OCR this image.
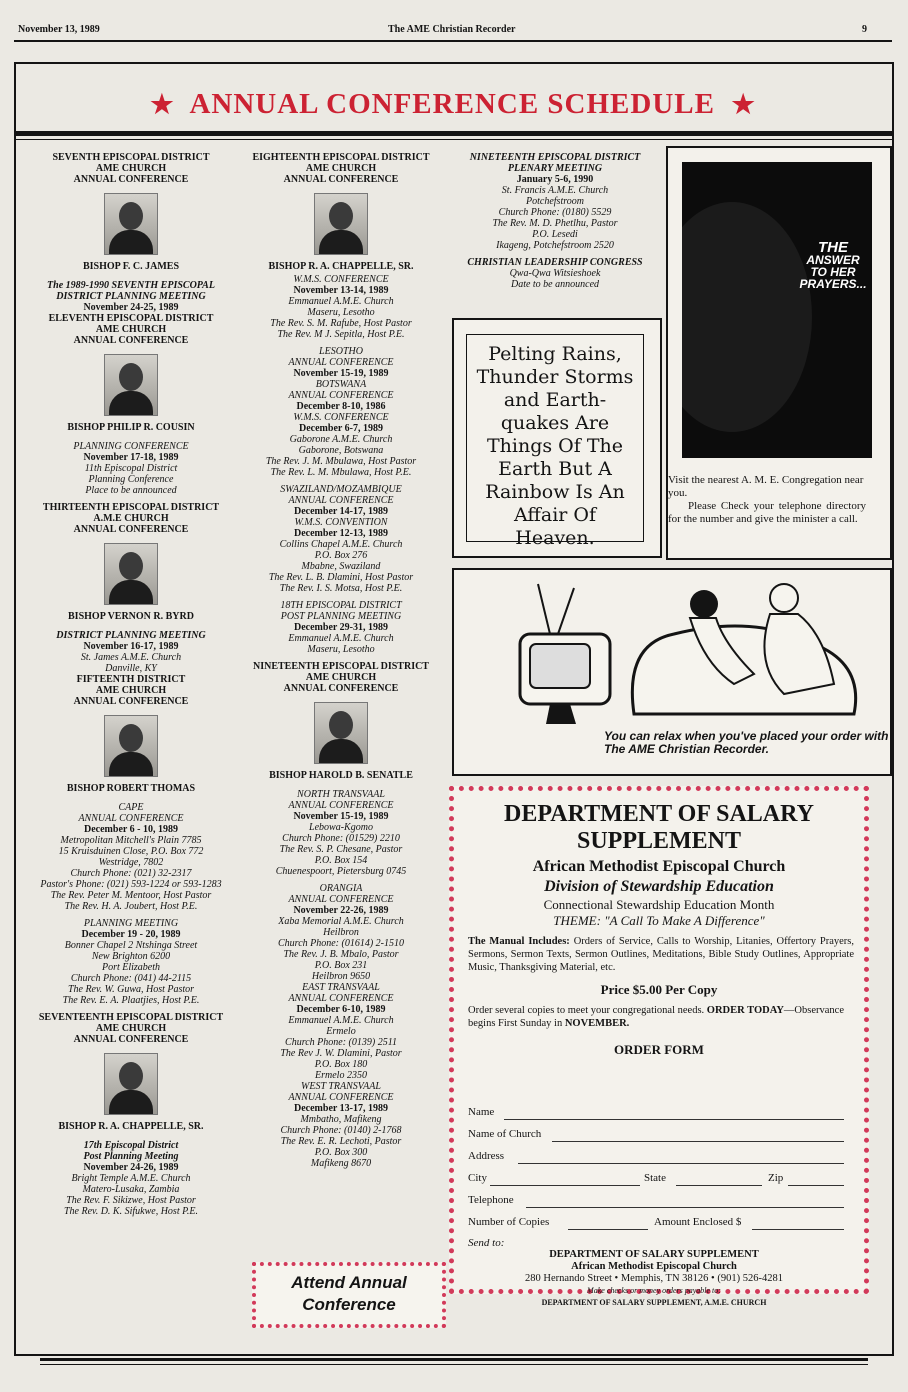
November 13, 1989	The AME Christian Recorder	9
★ ANNUAL CONFERENCE SCHEDULE ★
SEVENTH EPISCOPAL DISTRICT
AME CHURCH
ANNUAL CONFERENCE
BISHOP F. C. JAMES
The 1989-1990 SEVENTH EPISCOPAL
DISTRICT PLANNING MEETING
November 24-25, 1989
ELEVENTH EPISCOPAL DISTRICT
AME CHURCH
ANNUAL CONFERENCE
BISHOP PHILIP R. COUSIN
PLANNING CONFERENCE
November 17-18, 1989
11th Episcopal District
Planning Conference
Place to be announced
THIRTEENTH EPISCOPAL DISTRICT
A.M.E CHURCH
ANNUAL CONFERENCE
BISHOP VERNON R. BYRD
DISTRICT PLANNING MEETING
November 16-17, 1989
St. James A.M.E. Church
Danville, KY
FIFTEENTH DISTRICT
AME CHURCH
ANNUAL CONFERENCE
BISHOP ROBERT THOMAS
CAPE
ANNUAL CONFERENCE
December 6 - 10, 1989
Metropolitan Mitchell's Plain 7785
15 Kruisduinen Close, P.O. Box 772
Westridge, 7802
Church Phone: (021) 32-2317
Pastor's Phone: (021) 593-1224 or 593-1283
The Rev. Peter M. Mentoor, Host Pastor
The Rev. H. A. Joubert, Host P.E.
PLANNING MEETING
December 19 - 20, 1989
Bonner Chapel 2 Ntshinga Street
New Brighton 6200
Port Elizabeth
Church Phone: (041) 44-2115
The Rev. W. Guwa, Host Pastor
The Rev. E. A. Plaatjies, Host P.E.
SEVENTEENTH EPISCOPAL DISTRICT
AME CHURCH
ANNUAL CONFERENCE
BISHOP R. A. CHAPPELLE, SR.
17th Episcopal District
Post Planning Meeting
November 24-26, 1989
Bright Temple A.M.E. Church
Matero-Lusaka, Zambia
The Rev. F. Sikizwe, Host Pastor
The Rev. D. K. Sifukwe, Host P.E.
EIGHTEENTH EPISCOPAL DISTRICT
AME CHURCH
ANNUAL CONFERENCE
BISHOP R. A. CHAPPELLE, SR.
W.M.S. CONFERENCE
November 13-14, 1989
Emmanuel A.M.E. Church
Maseru, Lesotho
The Rev. S. M. Rafube, Host Pastor
The Rev. M J. Sepitla, Host P.E.
LESOTHO
ANNUAL CONFERENCE
November 15-19, 1989
BOTSWANA
ANNUAL CONFERENCE
December 8-10, 1986
W.M.S. CONFERENCE
December 6-7, 1989
Gaborone A.M.E. Church
Gaborone, Botswana
The Rev. J. M. Mbulawa, Host Pastor
The Rev. L. M. Mbulawa, Host P.E.
SWAZILAND/MOZAMBIQUE
ANNUAL CONFERENCE
December 14-17, 1989
W.M.S. CONVENTION
December 12-13, 1989
Collins Chapel A.M.E. Church
P.O. Box 276
Mbabne, Swaziland
The Rev. L. B. Dlamini, Host Pastor
The Rev. I. S. Motsa, Host P.E.
18TH EPISCOPAL DISTRICT
POST PLANNING MEETING
December 29-31, 1989
Emmanuel A.M.E. Church
Maseru, Lesotho
NINETEENTH EPISCOPAL DISTRICT
AME CHURCH
ANNUAL CONFERENCE
BISHOP HAROLD B. SENATLE
NORTH TRANSVAAL
ANNUAL CONFERENCE
November 15-19, 1989
Lebowa-Kgomo
Church Phone: (01529) 2210
The Rev. S. P. Chesane, Pastor
P.O. Box 154
Chuenespoort, Pietersburg 0745
ORANGIA
ANNUAL CONFERENCE
November 22-26, 1989
Xaba Memorial A.M.E. Church
Heilbron
Church Phone: (01614) 2-1510
The Rev. J. B. Mbalo, Pastor
P.O. Box 231
Heilbron 9650
EAST TRANSVAAL
ANNUAL CONFERENCE
December 6-10, 1989
Emmanuel A.M.E. Church
Ermelo
Church Phone: (0139) 2511
The Rev J. W. Dlamini, Pastor
P.O. Box 180
Ermelo 2350
WEST TRANSVAAL
ANNUAL CONFERENCE
December 13-17, 1989
Mmbatho, Mafikeng
Church Phone: (0140) 2-1768
The Rev. E. R. Lechoti, Pastor
P.O. Box 300
Mafikeng 8670
NINETEENTH EPISCOPAL DISTRICT
PLENARY MEETING
January 5-6, 1990
St. Francis A.M.E. Church
Potchefstroom
Church Phone: (0180) 5529
The Rev. M. D. Phetlhu, Pastor
P.O. Lesedi
Ikageng, Potchefstroom 2520
CHRISTIAN LEADERSHIP CONGRESS
Qwa-Qwa Witsieshoek
Date to be announced
THE
ANSWER
TO HER
PRAYERS...
Visit the nearest A. M. E. Congregation near you.
Please Check your telephone directory for the number and give the minister a call.
Pelting Rains,
Thunder Storms
and Earth-
quakes Are
Things Of The
Earth But A
Rainbow Is An
Affair Of
Heaven.
You can relax when you've placed your order with The AME Christian Recorder.
DEPARTMENT OF SALARY
SUPPLEMENT
African Methodist Episcopal Church
Division of Stewardship Education
Connectional Stewardship Education Month
THEME: "A Call To Make A Difference"
The Manual Includes: Orders of Service, Calls to Worship, Litanies, Offertory Prayers, Sermons, Sermon Texts, Sermon Outlines, Meditations, Bible Study Outlines, Appropriate Music, Thanksgiving Material, etc.
Price $5.00 Per Copy
Order several copies to meet your congregational needs. ORDER TODAY—Observance begins First Sunday in NOVEMBER.
ORDER FORM
Name
Name of Church
Address
City	State	Zip
Telephone
Number of Copies	Amount Enclosed $
Send to:
DEPARTMENT OF SALARY SUPPLEMENT
African Methodist Episcopal Church
280 Hernando Street • Memphis, TN 38126 • (901) 526-4281
Make checks or money orders payable to:
DEPARTMENT OF SALARY SUPPLEMENT, A.M.E. CHURCH
Attend Annual
Conference
